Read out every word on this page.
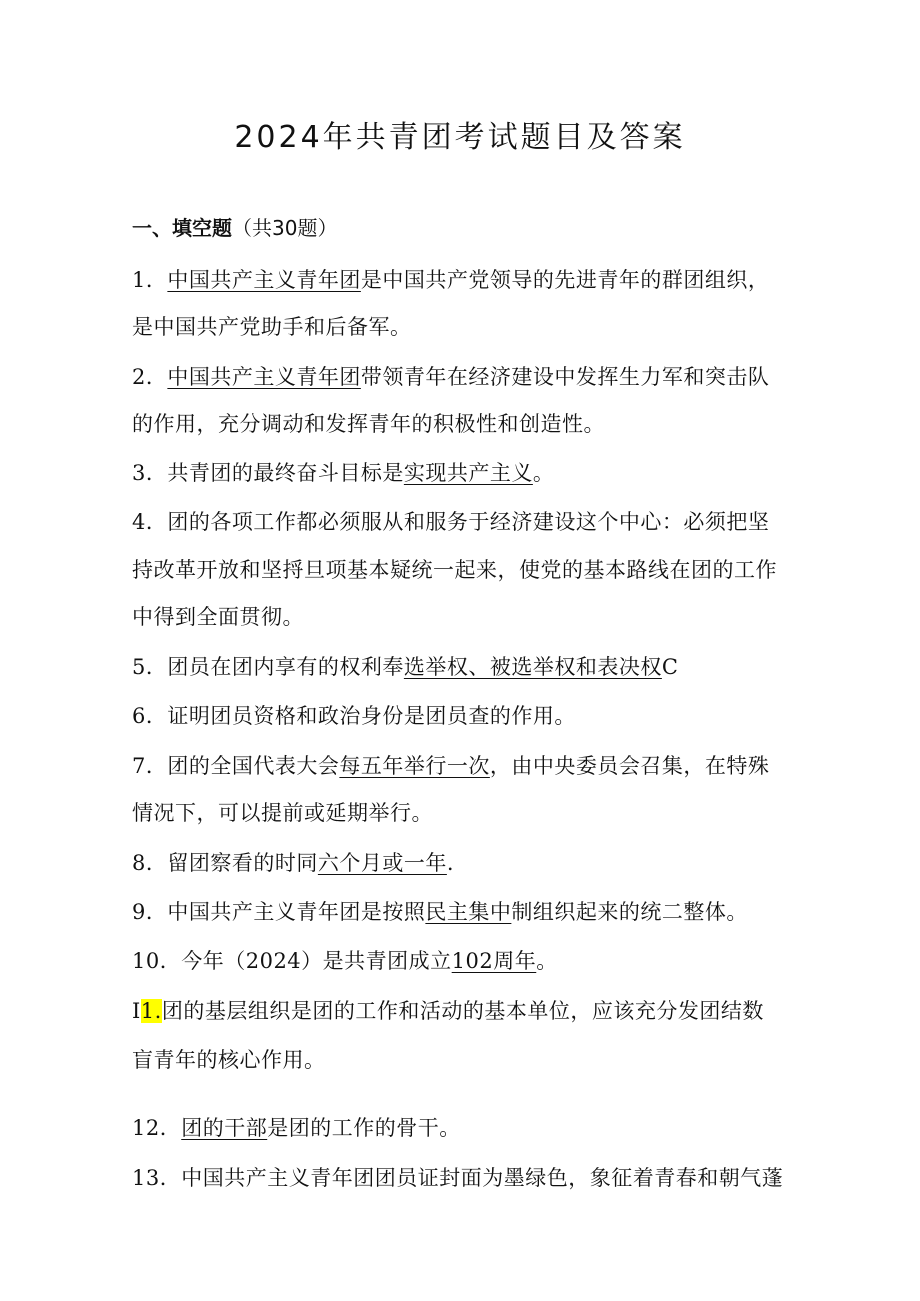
2024年共青团考试题目及答案
一、填空题（共30题）
1．中国共产主义青年团是中国共产党领导的先进青年的群团组织，
是中国共产党助手和后备军。
2．中国共产主义青年团带领青年在经济建设中发挥生力军和突击队
的作用，充分调动和发挥青年的积极性和创造性。
3．共青团的最终奋斗目标是实现共产主义。
4．团的各项工作都必须服从和服务于经济建设这个中心：必须把坚
持改革开放和坚捋旦项基本疑统一起来，使党的基本路线在团的工作
中得到全面贯彻。
5．团员在团内享有的权利奉选举权、被选举权和表决权C
6．证明团员资格和政治身份是团员查的作用。
7．团的全国代表大会每五年举行一次，由中央委员会召集，在特殊
情况下，可以提前或延期举行。
8．留团察看的时同六个月或一年.
9．中国共产主义青年团是按照民主集中制组织起来的统二整体。
10．今年（2024）是共青团成立102周年。
I1.团的基层组织是团的工作和活动的基本单位，应该充分发团结数
盲青年的核心作用。
12．团的干部是团的工作的骨干。
13．中国共产主义青年团团员证封面为墨绿色，象征着青春和朝气蓬
